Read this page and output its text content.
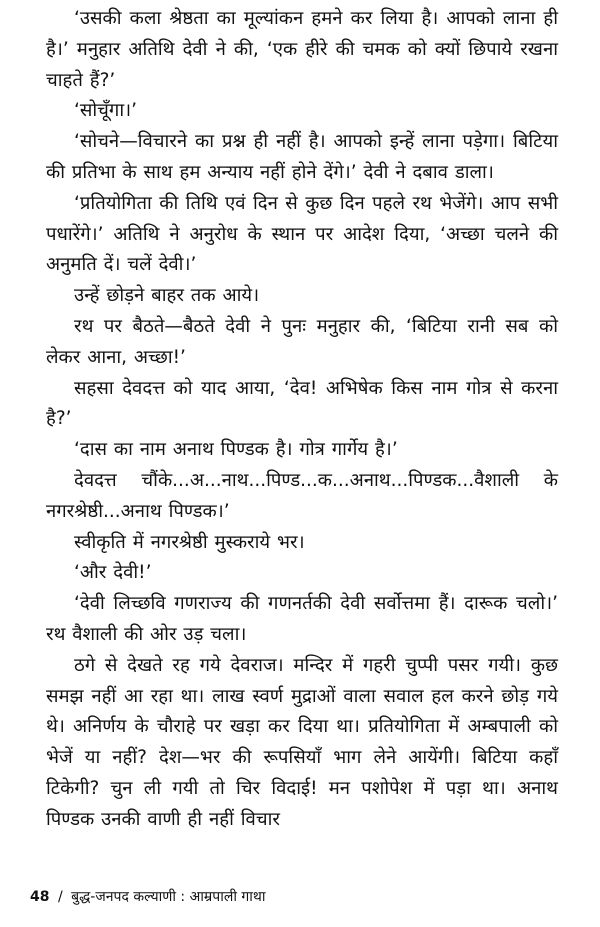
‘उसकी कला श्रेष्ठता का मूल्यांकन हमने कर लिया है। आपको लाना ही है।’ मनुहार अतिथि देवी ने की, ‘एक हीरे की चमक को क्यों छिपाये रखना चाहते हैं?’

‘सोचूँगा।’

‘सोचने—विचारने का प्रश्न ही नहीं है। आपको इन्हें लाना पड़ेगा। बिटिया की प्रतिभा के साथ हम अन्याय नहीं होने देंगे।’ देवी ने दबाव डाला।

‘प्रतियोगिता की तिथि एवं दिन से कुछ दिन पहले रथ भेजेंगे। आप सभी पधारेंगे।’ अतिथि ने अनुरोध के स्थान पर आदेश दिया, ‘अच्छा चलने की अनुमति दें। चलें देवी।’

उन्हें छोड़ने बाहर तक आये।

रथ पर बैठते—बैठते देवी ने पुनः मनुहार की, ‘बिटिया रानी सब को लेकर आना, अच्छा!’

सहसा देवदत्त को याद आया, ‘देव! अभिषेक किस नाम गोत्र से करना है?’

‘दास का नाम अनाथ पिण्डक है। गोत्र गार्गेय है।’

देवदत्त चौंके...अ...नाथ...पिण्ड...क...अनाथ...पिण्डक...वैशाली के नगरश्रेष्ठी...अनाथ पिण्डक।’

स्वीकृति में नगरश्रेष्ठी मुस्कराये भर।

‘और देवी!’

‘देवी लिच्छवि गणराज्य की गणनर्तकी देवी सर्वोत्तमा हैं। दारूक चलो।’ रथ वैशाली की ओर उड़ चला।

ठगे से देखते रह गये देवराज। मन्दिर में गहरी चुप्पी पसर गयी। कुछ समझ नहीं आ रहा था। लाख स्वर्ण मुद्राओं वाला सवाल हल करने छोड़ गये थे। अनिर्णय के चौराहे पर खड़ा कर दिया था। प्रतियोगिता में अम्बपाली को भेजें या नहीं? देश—भर की रूपसियाँ भाग लेने आयेंगी। बिटिया कहाँ टिकेगी? चुन ली गयी तो चिर विदाई! मन पशोपेश में पड़ा था। अनाथ पिण्डक उनकी वाणी ही नहीं विचार

48 / बुद्ध-जनपद कल्याणी : आम्रपाली गाथा
